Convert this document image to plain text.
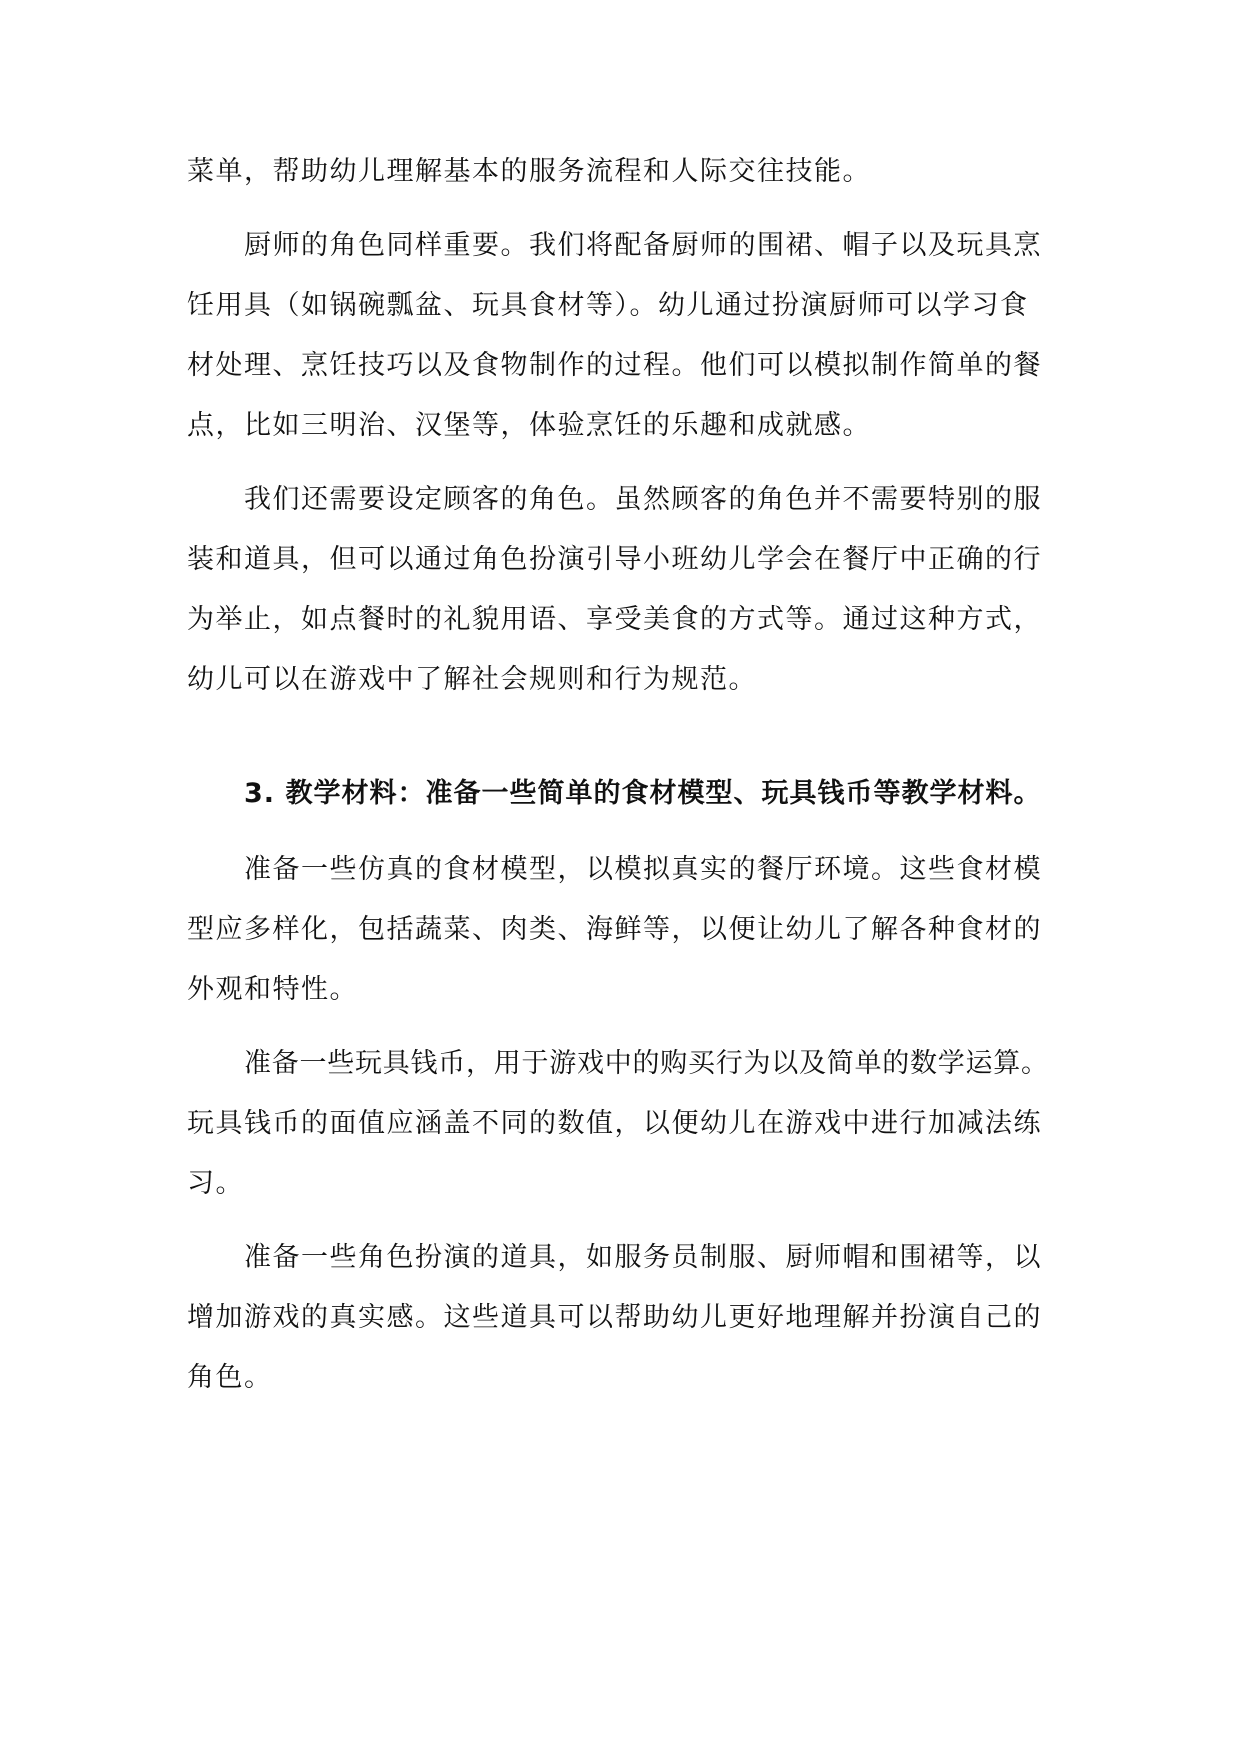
菜单，帮助幼儿理解基本的服务流程和人际交往技能。
厨师的角色同样重要。我们将配备厨师的围裙、帽子以及玩具烹
饪用具（如锅碗瓢盆、玩具食材等）。幼儿通过扮演厨师可以学习食
材处理、烹饪技巧以及食物制作的过程。他们可以模拟制作简单的餐
点，比如三明治、汉堡等，体验烹饪的乐趣和成就感。
我们还需要设定顾客的角色。虽然顾客的角色并不需要特别的服
装和道具，但可以通过角色扮演引导小班幼儿学会在餐厅中正确的行
为举止，如点餐时的礼貌用语、享受美食的方式等。通过这种方式，
幼儿可以在游戏中了解社会规则和行为规范。
3. 教学材料：准备一些简单的食材模型、玩具钱币等教学材料。
准备一些仿真的食材模型，以模拟真实的餐厅环境。这些食材模
型应多样化，包括蔬菜、肉类、海鲜等，以便让幼儿了解各种食材的
外观和特性。
准备一些玩具钱币，用于游戏中的购买行为以及简单的数学运算。
玩具钱币的面值应涵盖不同的数值，以便幼儿在游戏中进行加减法练
习。
准备一些角色扮演的道具，如服务员制服、厨师帽和围裙等，以
增加游戏的真实感。这些道具可以帮助幼儿更好地理解并扮演自己的
角色。
